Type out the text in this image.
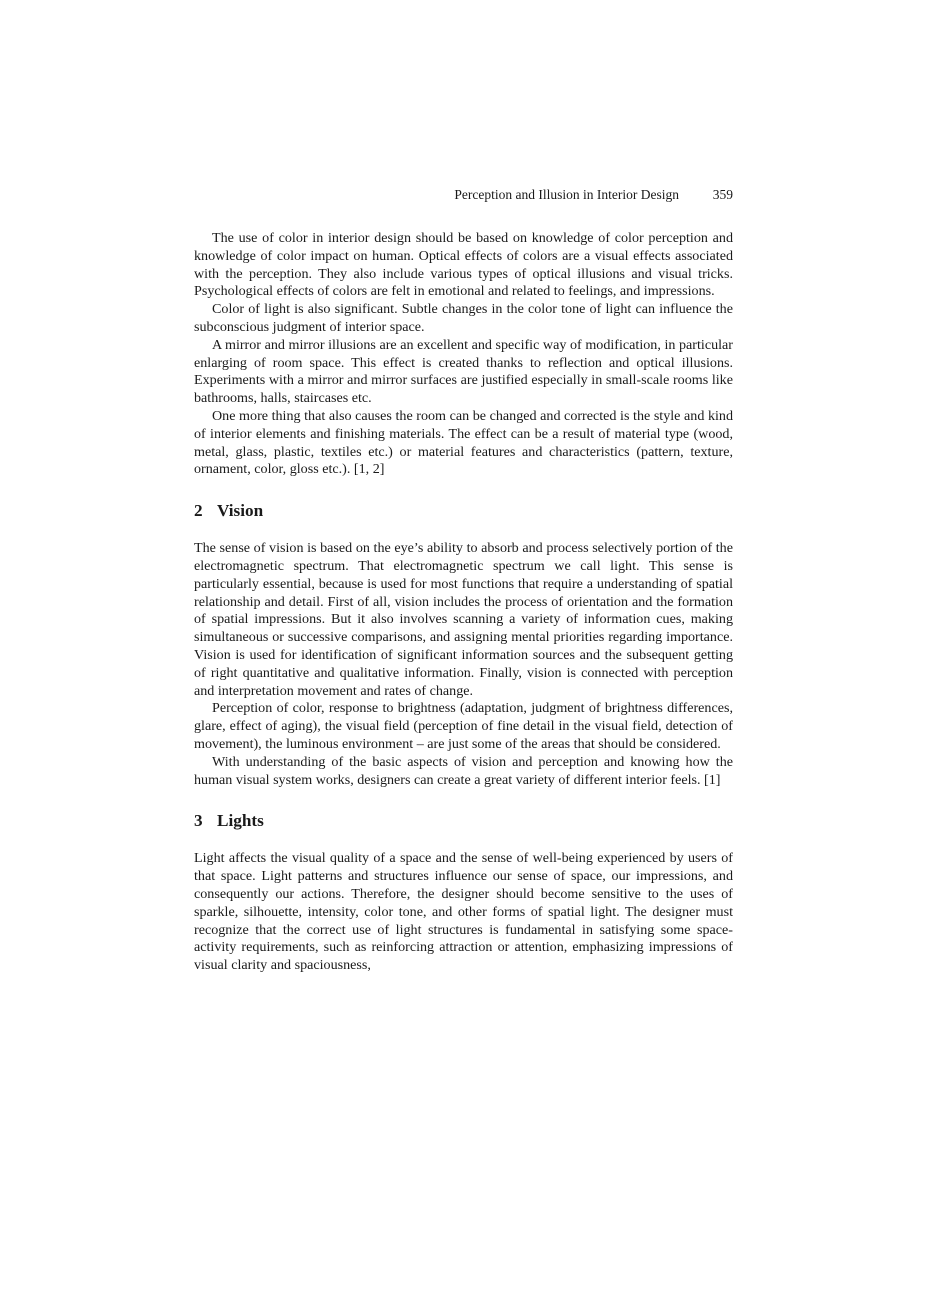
Perception and Illusion in Interior Design	359

The use of color in interior design should be based on knowledge of color perception and knowledge of color impact on human. Optical effects of colors are a visual effects associated with the perception. They also include various types of optical illusions and visual tricks. Psychological effects of colors are felt in emotional and related to feelings, and impressions.

Color of light is also significant. Subtle changes in the color tone of light can influence the subconscious judgment of interior space.

A mirror and mirror illusions are an excellent and specific way of modification, in particular enlarging of room space. This effect is created thanks to reflection and optical illusions. Experiments with a mirror and mirror surfaces are justified especially in small-scale rooms like bathrooms, halls, staircases etc.

One more thing that also causes the room can be changed and corrected is the style and kind of interior elements and finishing materials. The effect can be a result of material type (wood, metal, glass, plastic, textiles etc.) or material features and characteristics (pattern, texture, ornament, color, gloss etc.). [1, 2]

2 Vision

The sense of vision is based on the eye’s ability to absorb and process selectively portion of the electromagnetic spectrum. That electromagnetic spectrum we call light. This sense is particularly essential, because is used for most functions that require a understanding of spatial relationship and detail. First of all, vision includes the process of orientation and the formation of spatial impressions. But it also involves scanning a variety of information cues, making simultaneous or successive comparisons, and assigning mental priorities regarding importance. Vision is used for identification of significant information sources and the subsequent getting of right quantitative and qualitative information. Finally, vision is connected with perception and interpretation movement and rates of change.

Perception of color, response to brightness (adaptation, judgment of brightness differences, glare, effect of aging), the visual field (perception of fine detail in the visual field, detection of movement), the luminous environment – are just some of the areas that should be considered.

With understanding of the basic aspects of vision and perception and knowing how the human visual system works, designers can create a great variety of different interior feels. [1]

3 Lights

Light affects the visual quality of a space and the sense of well-being experienced by users of that space. Light patterns and structures influence our sense of space, our impressions, and consequently our actions. Therefore, the designer should become sensitive to the uses of sparkle, silhouette, intensity, color tone, and other forms of spatial light. The designer must recognize that the correct use of light structures is fundamental in satisfying some space-activity requirements, such as reinforcing attraction or attention, emphasizing impressions of visual clarity and spaciousness,
